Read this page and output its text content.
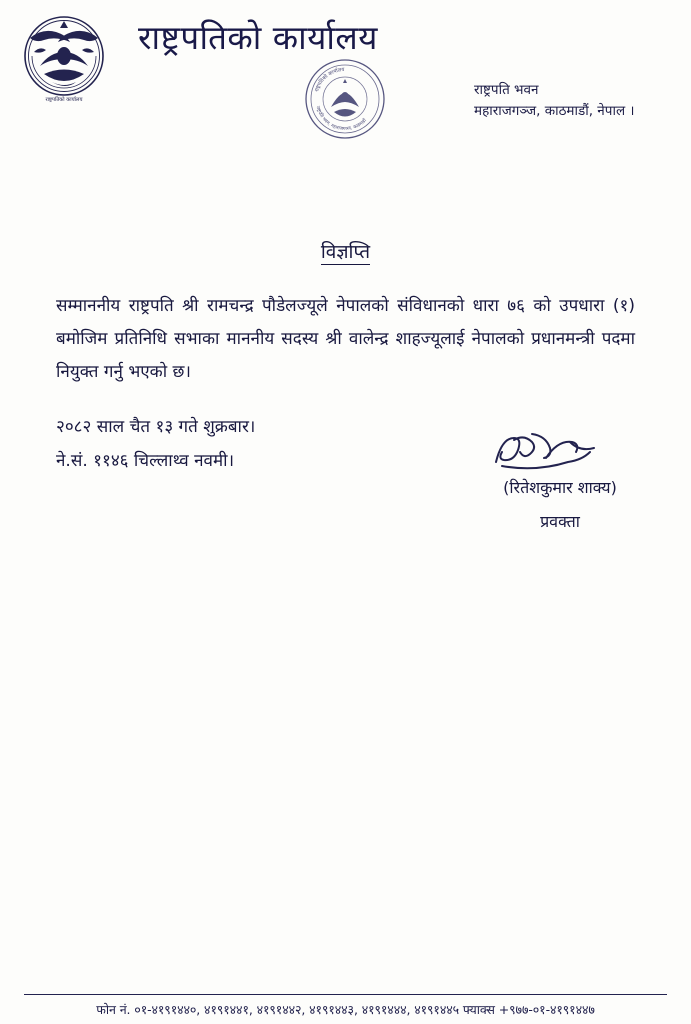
राष्ट्रपतिको कार्यालय
राष्ट्रपतिको कार्यालय
राष्ट्रपतिको कार्यालय
राष्ट्रपति भवन, महाराजगञ्ज, काठमाडौं
राष्ट्रपति भवन
महाराजगञ्ज, काठमाडौं, नेपाल ।
विज्ञप्ति
सम्माननीय राष्ट्रपति श्री रामचन्द्र पौडेलज्यूले नेपालको संविधानको धारा ७६ को उपधारा (१) बमोजिम प्रतिनिधि सभाका माननीय सदस्य श्री वालेन्द्र शाहज्यूलाई नेपालको प्रधानमन्त्री पदमा नियुक्त गर्नु भएको छ।
२०८२ साल चैत १३ गते शुक्रबार।
ने.सं. ११४६ चिल्लाथ्व नवमी।
(रितेशकुमार शाक्य)
प्रवक्ता
फोन नं. ०१-४१९१४४०, ४१९१४४१, ४१९१४४२, ४१९१४४३, ४१९१४४४, ४१९१४४५ फ्याक्स +९७७-०१-४१९१४४७
